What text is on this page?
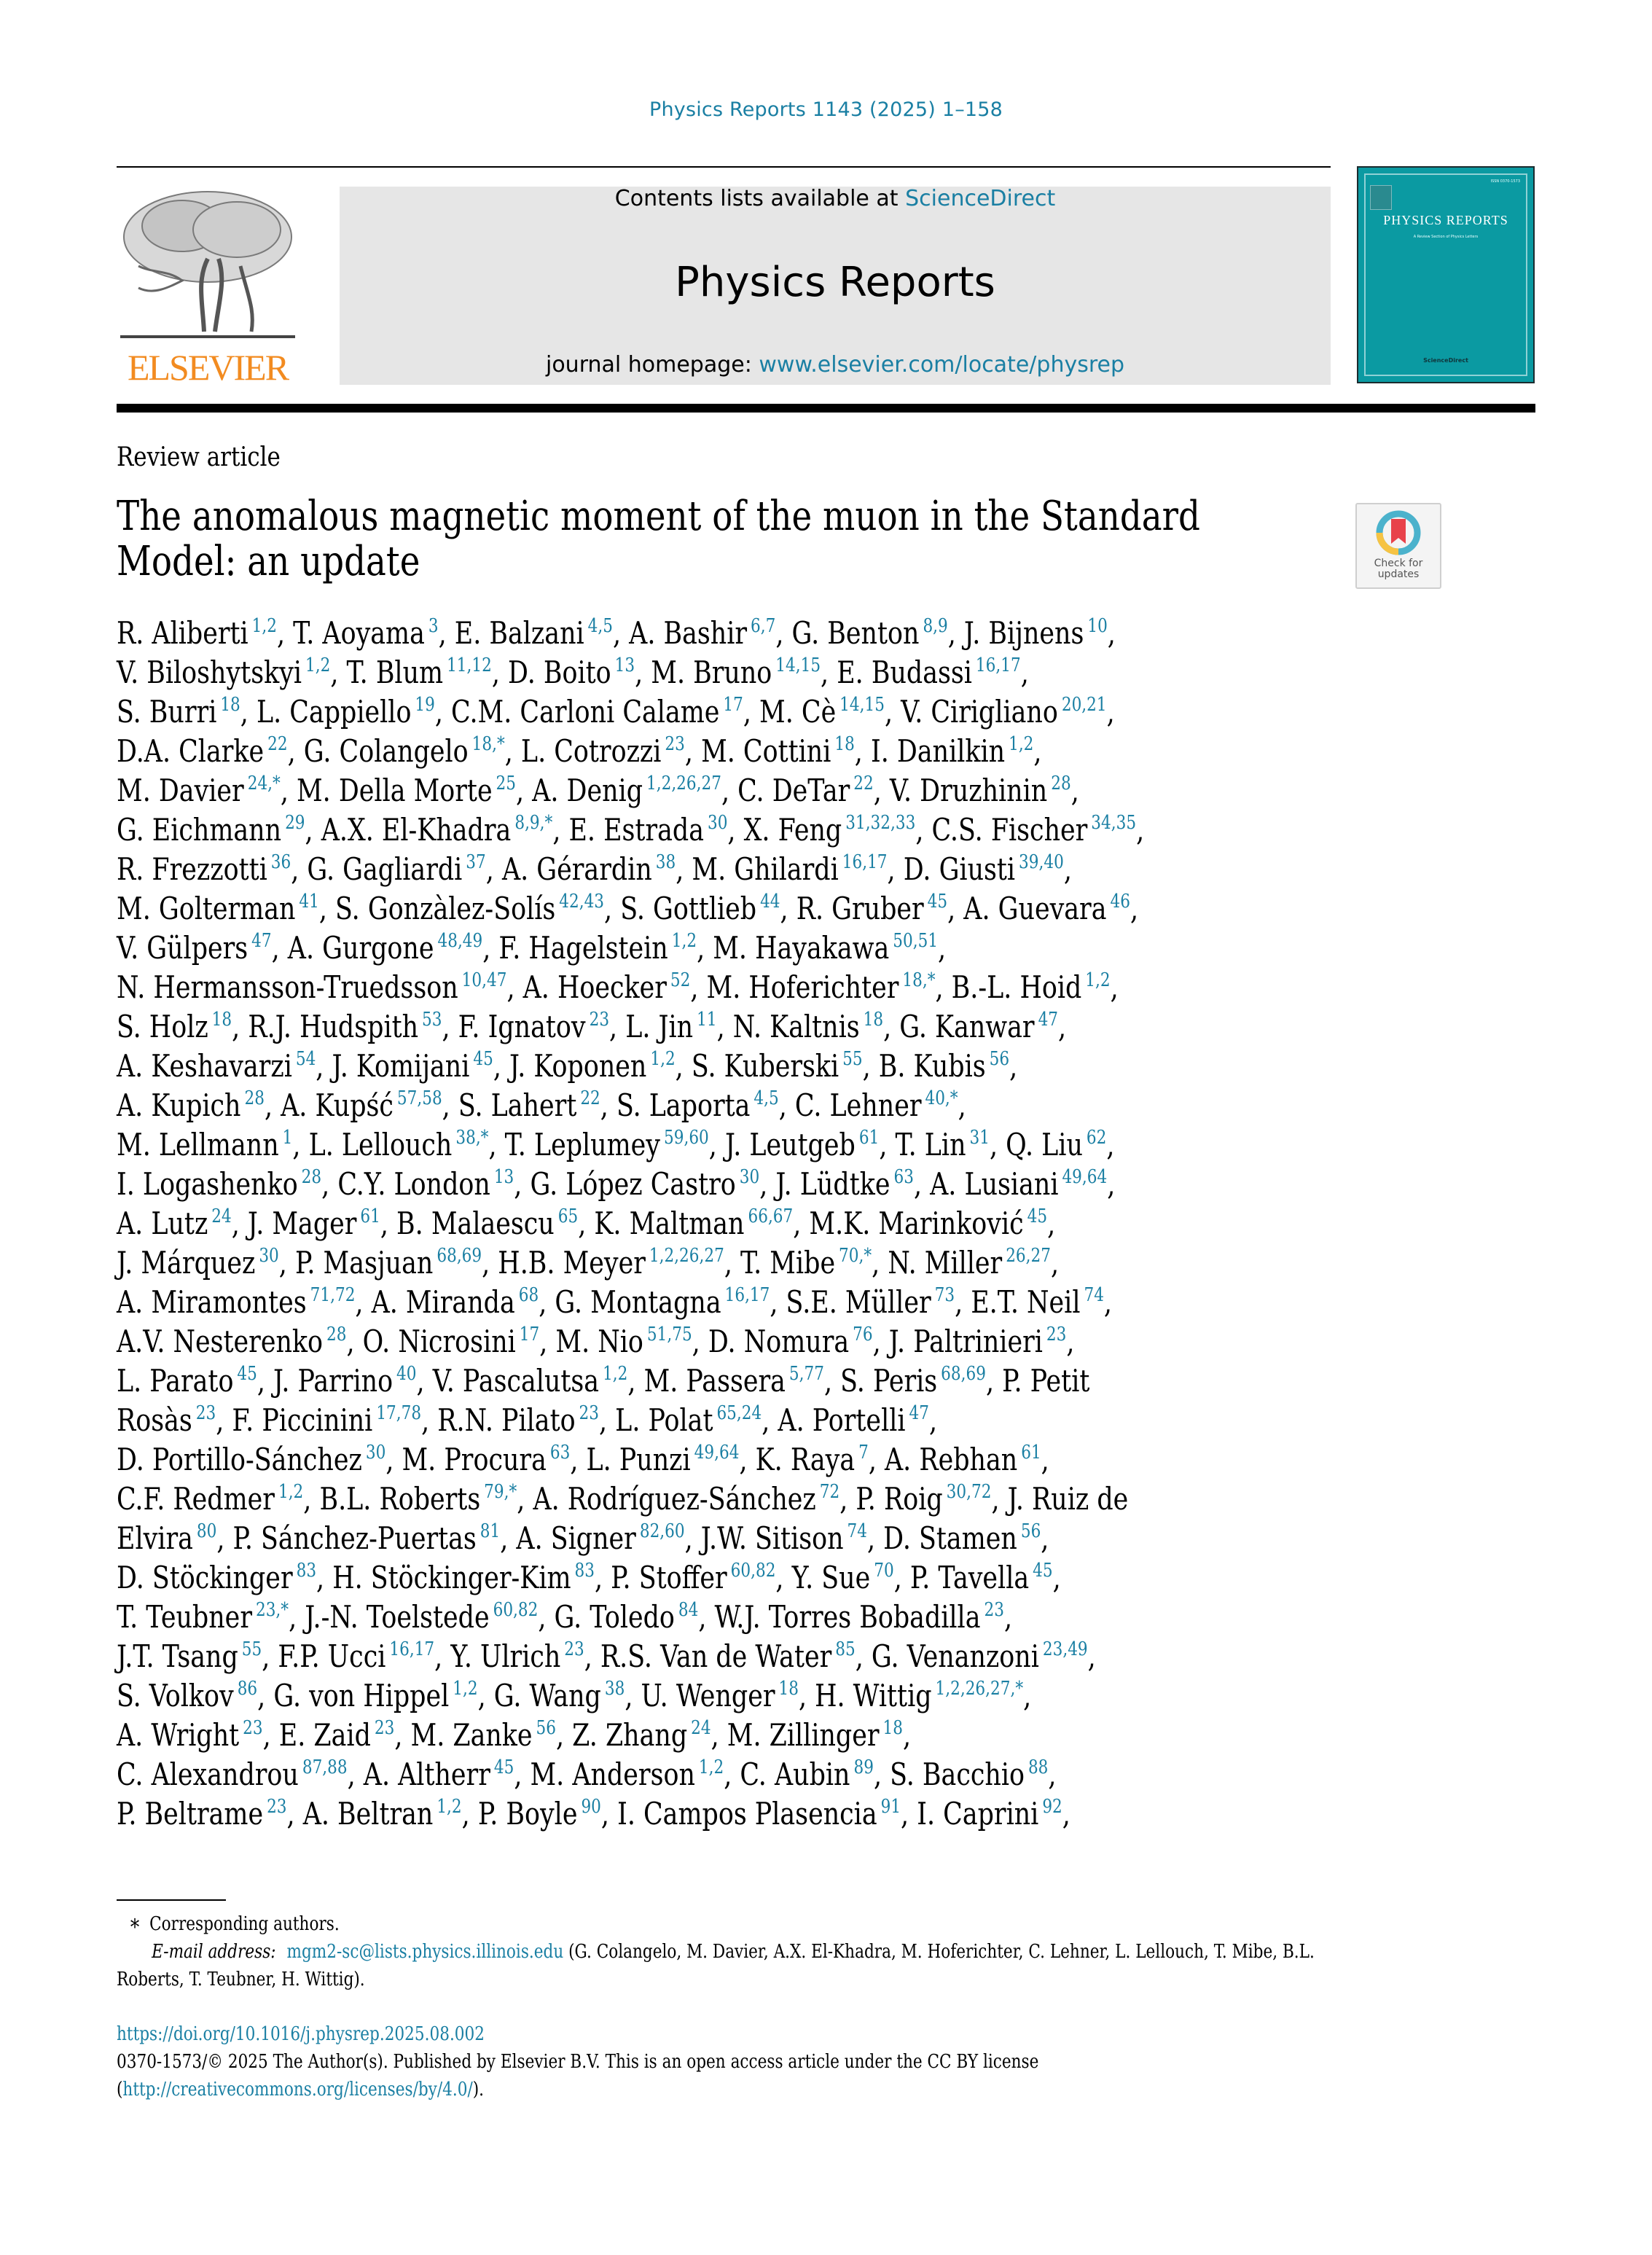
Physics Reports 1143 (2025) 1–158
ELSEVIER
Contents lists available at ScienceDirect
Physics Reports
journal homepage: www.elsevier.com/locate/physrep
ISSN 0370-1573
PHYSICS REPORTS
A Review Section of Physics Letters
ScienceDirect
Review article
The anomalous magnetic moment of the muon in the Standard
Model: an update	Check for
updates
R. Aliberti $^{1,2}$, T. Aoyama $^3$, E. Balzani $^{4,5}$, A. Bashir $^{6,7}$, G. Benton $^{8,9}$, J. Bijnens $^{10}$,
V. Biloshytskyi $^{1,2}$, T. Blum $^{11,12}$, D. Boito $^{13}$, M. Bruno $^{14,15}$, E. Budassi $^{16,17}$,
S. Burri $^{18}$, L. Cappiello $^{19}$, C.M. Carloni Calame $^{17}$, M. Cè $^{14,15}$, V. Cirigliano $^{20,21}$,
D.A. Clarke $^{22}$, G. Colangelo $^{18,*}$, L. Cotrozzi $^{23}$, M. Cottini $^{18}$, I. Danilkin $^{1,2}$,
M. Davier $^{24,*}$, M. Della Morte $^{25}$, A. Denig $^{1,2,26,27}$, C. DeTar $^{22}$, V. Druzhinin $^{28}$,
G. Eichmann $^{29}$, A.X. El-Khadra $^{8,9,*}$, E. Estrada $^{30}$, X. Feng $^{31,32,33}$, C.S. Fischer $^{34,35}$,
R. Frezzotti $^{36}$, G. Gagliardi $^{37}$, A. Gérardin $^{38}$, M. Ghilardi $^{16,17}$, D. Giusti $^{39,40}$,
M. Golterman $^{41}$, S. Gonzàlez-Solís $^{42,43}$, S. Gottlieb $^{44}$, R. Gruber $^{45}$, A. Guevara $^{46}$,
V. Gülpers $^{47}$, A. Gurgone $^{48,49}$, F. Hagelstein $^{1,2}$, M. Hayakawa $^{50,51}$,
N. Hermansson-Truedsson $^{10,47}$, A. Hoecker $^{52}$, M. Hoferichter $^{18,*}$, B.-L. Hoid $^{1,2}$,
S. Holz $^{18}$, R.J. Hudspith $^{53}$, F. Ignatov $^{23}$, L. Jin $^{11}$, N. Kaltnis $^{18}$, G. Kanwar $^{47}$,
A. Keshavarzi $^{54}$, J. Komijani $^{45}$, J. Koponen $^{1,2}$, S. Kuberski $^{55}$, B. Kubis $^{56}$,
A. Kupich $^{28}$, A. Kupść $^{57,58}$, S. Lahert $^{22}$, S. Laporta $^{4,5}$, C. Lehner $^{40,*}$,
M. Lellmann $^1$, L. Lellouch $^{38,*}$, T. Leplumey $^{59,60}$, J. Leutgeb $^{61}$, T. Lin $^{31}$, Q. Liu $^{62}$,
I. Logashenko $^{28}$, C.Y. London $^{13}$, G. López Castro $^{30}$, J. Lüdtke $^{63}$, A. Lusiani $^{49,64}$,
A. Lutz $^{24}$, J. Mager $^{61}$, B. Malaescu $^{65}$, K. Maltman $^{66,67}$, M.K. Marinković $^{45}$,
J. Márquez $^{30}$, P. Masjuan $^{68,69}$, H.B. Meyer $^{1,2,26,27}$, T. Mibe $^{70,*}$, N. Miller $^{26,27}$,
A. Miramontes $^{71,72}$, A. Miranda $^{68}$, G. Montagna $^{16,17}$, S.E. Müller $^{73}$, E.T. Neil $^{74}$,
A.V. Nesterenko $^{28}$, O. Nicrosini $^{17}$, M. Nio $^{51,75}$, D. Nomura $^{76}$, J. Paltrinieri $^{23}$,
L. Parato $^{45}$, J. Parrino $^{40}$, V. Pascalutsa $^{1,2}$, M. Passera $^{5,77}$, S. Peris $^{68,69}$, P. Petit
Rosàs $^{23}$, F. Piccinini $^{17,78}$, R.N. Pilato $^{23}$, L. Polat $^{65,24}$, A. Portelli $^{47}$,
D. Portillo-Sánchez $^{30}$, M. Procura $^{63}$, L. Punzi $^{49,64}$, K. Raya $^7$, A. Rebhan $^{61}$,
C.F. Redmer $^{1,2}$, B.L. Roberts $^{79,*}$, A. Rodríguez-Sánchez $^{72}$, P. Roig $^{30,72}$, J. Ruiz de
Elvira $^{80}$, P. Sánchez-Puertas $^{81}$, A. Signer $^{82,60}$, J.W. Sitison $^{74}$, D. Stamen $^{56}$,
D. Stöckinger $^{83}$, H. Stöckinger-Kim $^{83}$, P. Stoffer $^{60,82}$, Y. Sue $^{70}$, P. Tavella $^{45}$,
T. Teubner $^{23,*}$, J.-N. Toelstede $^{60,82}$, G. Toledo $^{84}$, W.J. Torres Bobadilla $^{23}$,
J.T. Tsang $^{55}$, F.P. Ucci $^{16,17}$, Y. Ulrich $^{23}$, R.S. Van de Water $^{85}$, G. Venanzoni $^{23,49}$,
S. Volkov $^{86}$, G. von Hippel $^{1,2}$, G. Wang $^{38}$, U. Wenger $^{18}$, H. Wittig $^{1,2,26,27,*}$,
A. Wright $^{23}$, E. Zaid $^{23}$, M. Zanke $^{56}$, Z. Zhang $^{24}$, M. Zillinger $^{18}$,
C. Alexandrou $^{87,88}$, A. Altherr $^{45}$, M. Anderson $^{1,2}$, C. Aubin $^{89}$, S. Bacchio $^{88}$,
P. Beltrame $^{23}$, A. Beltran $^{1,2}$, P. Boyle $^{90}$, I. Campos Plasencia $^{91}$, I. Caprini $^{92}$,
∗ Corresponding authors.
E-mail address: mgm2-sc@lists.physics.illinois.edu (G. Colangelo, M. Davier, A.X. El-Khadra, M. Hoferichter, C. Lehner, L. Lellouch, T. Mibe, B.L.
Roberts, T. Teubner, H. Wittig).
https://doi.org/10.1016/j.physrep.2025.08.002
0370-1573/© 2025 The Author(s). Published by Elsevier B.V. This is an open access article under the CC BY license
(http://creativecommons.org/licenses/by/4.0/).
